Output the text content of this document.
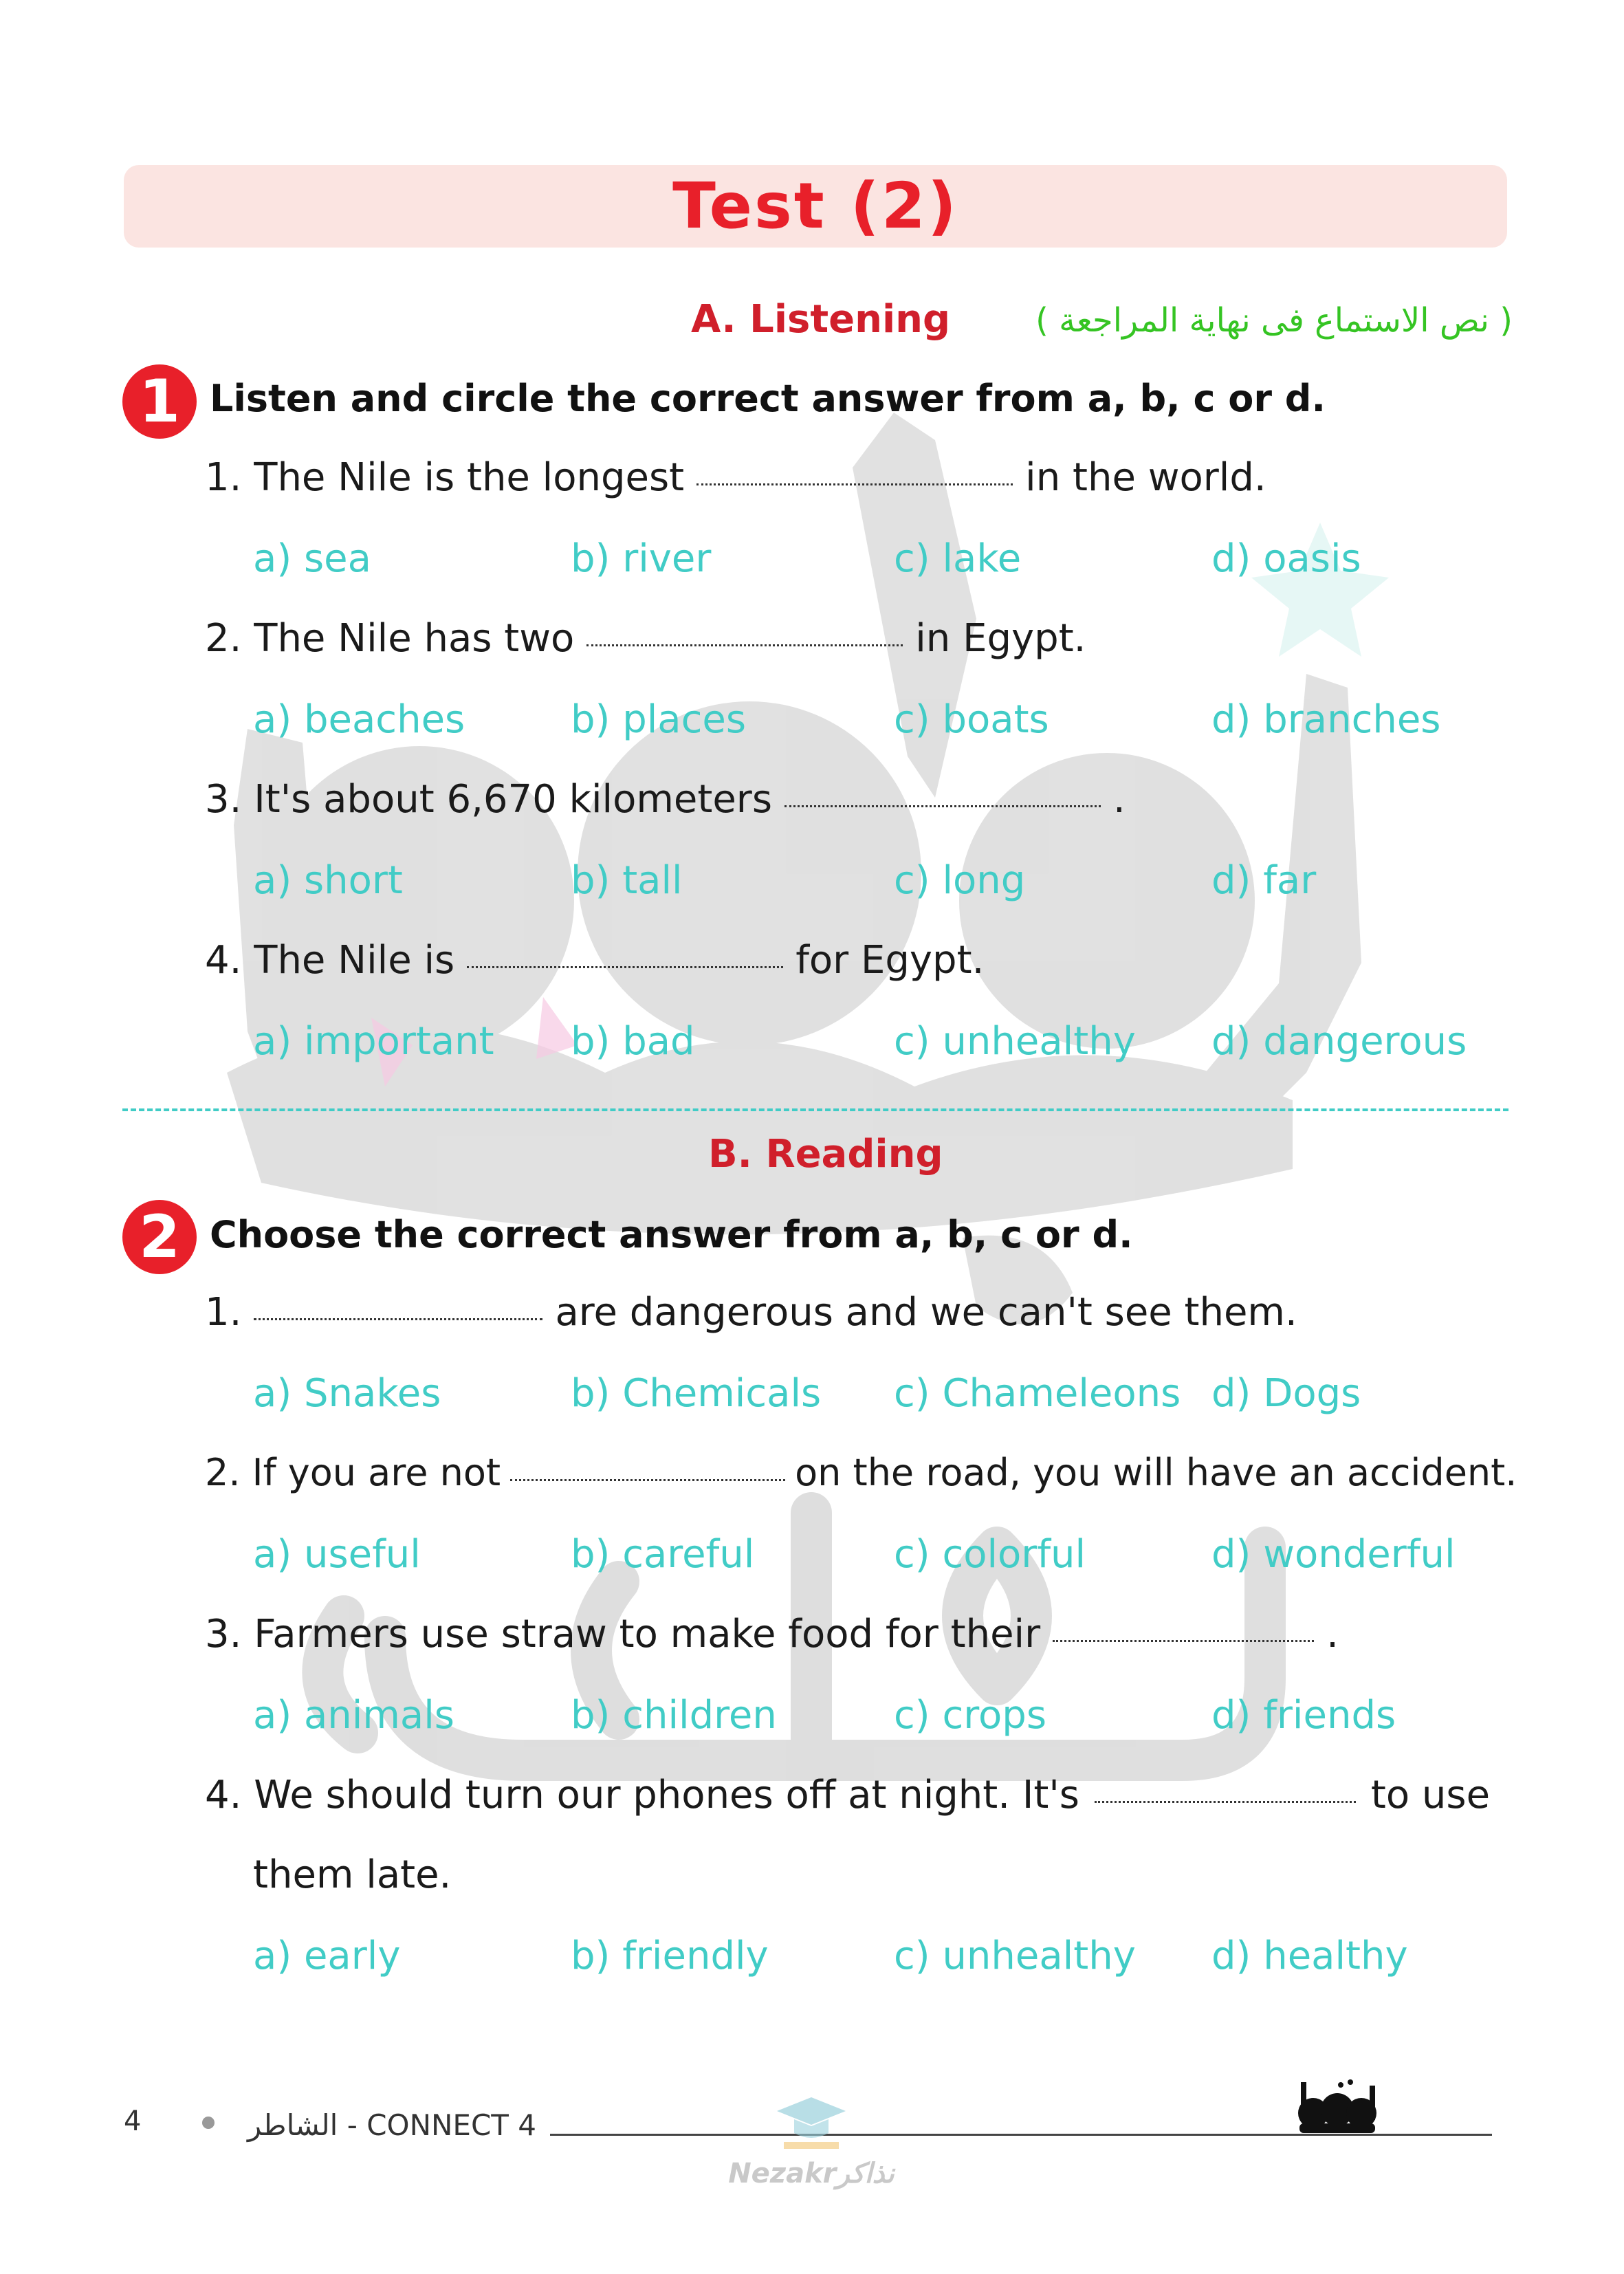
Test (2)
A. Listening	( نص الاستماع فى نهاية المراجعة )
1 Listen and circle the correct answer from a, b, c or d.
1. The Nile is the longest	in the world.
a) sea	b) river	c) lake	d) oasis
2. The Nile has two	in Egypt.
a) beaches	b) places	c) boats	d) branches
3. It's about 6,670 kilometers	.
a) short	b) tall	c) long	d) far
4. The Nile is	for Egypt.
a) important b) bad	c) unhealthy d) dangerous
B. Reading
2 Choose the correct answer from a, b, c or d.
1.	are dangerous and we can't see them.
a) Snakes	b) Chemicals c) Chameleons d) Dogs
2. If you are not	on the road, you will have an accident.
a) useful	b) careful	c) colorful	d) wonderful
3. Farmers use straw to make food for their	.
a) animals	b) children	c) crops	d) friends
4. We should turn our phones off at night. It's	to use
them late.
a) early	b) friendly	c) unhealthy d) healthy
4	الشاطر - CONNECT 4
Nezakrنذاكر
